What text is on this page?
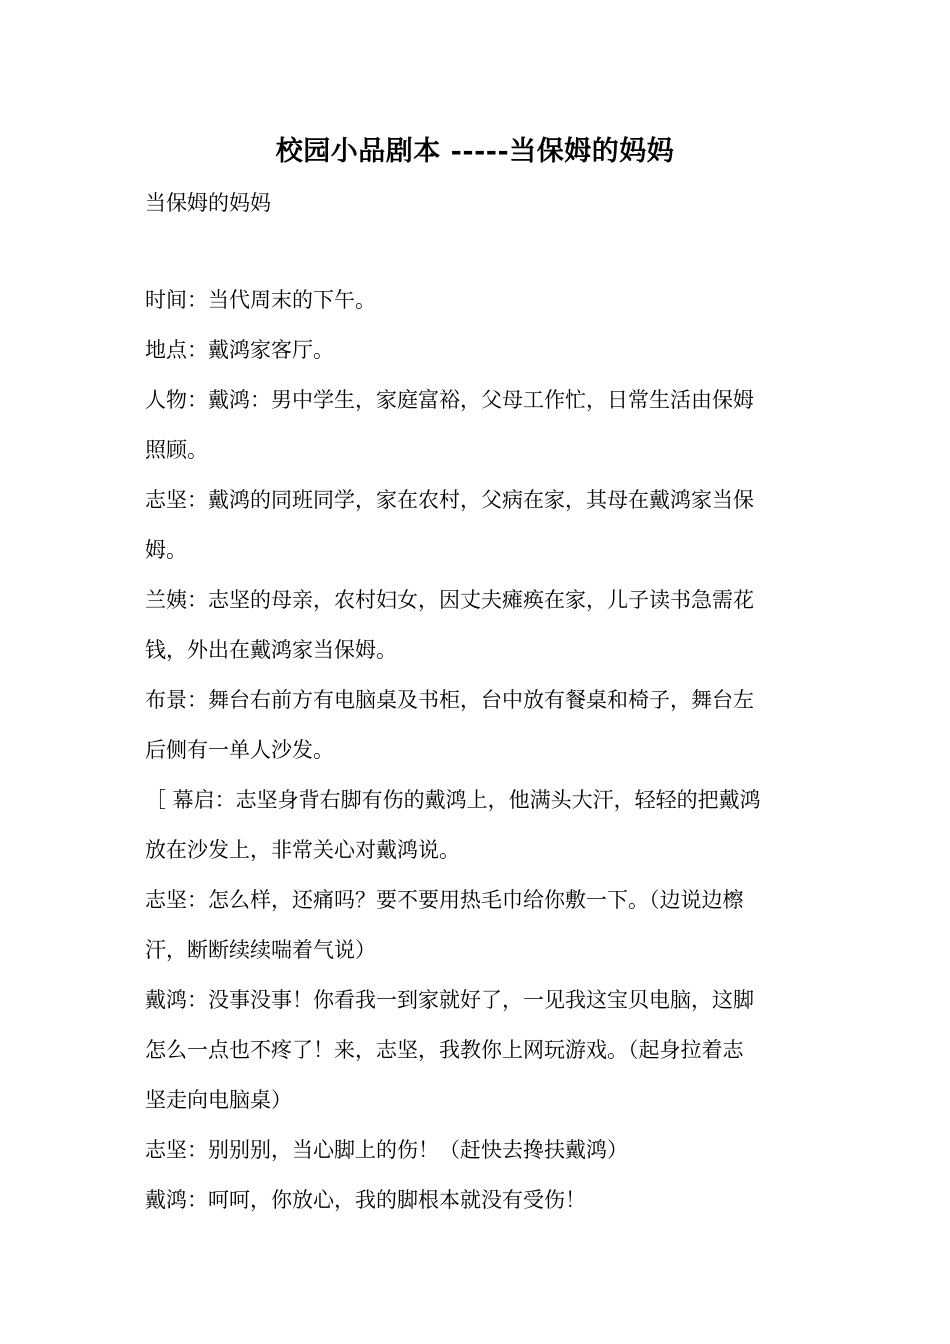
校园小品剧本 -----当保姆的妈妈
当保姆的妈妈

时间：当代周末的下午。

地点：戴鸿家客厅。

人物：戴鸿：男中学生，家庭富裕，父母工作忙，日常生活由保姆

照顾。

志坚：戴鸿的同班同学，家在农村，父病在家，其母在戴鸿家当保

姆。

兰姨：志坚的母亲，农村妇女，因丈夫瘫痪在家，儿子读书急需花

钱，外出在戴鸿家当保姆。

布景：舞台右前方有电脑桌及书柜，台中放有餐桌和椅子，舞台左

后侧有一单人沙发。

［ 幕启：志坚身背右脚有伤的戴鸿上，他满头大汗，轻轻的把戴鸿

放在沙发上，非常关心对戴鸿说。

志坚：怎么样，还痛吗？要不要用热毛巾给你敷一下。（边说边檫

汗，断断续续喘着气说）

戴鸿：没事没事！你看我一到家就好了，一见我这宝贝电脑，这脚

怎么一点也不疼了！来，志坚，我教你上网玩游戏。（起身拉着志

坚走向电脑桌）

志坚：别别别，当心脚上的伤！（赶快去搀扶戴鸿）

戴鸿：呵呵，你放心，我的脚根本就没有受伤！
